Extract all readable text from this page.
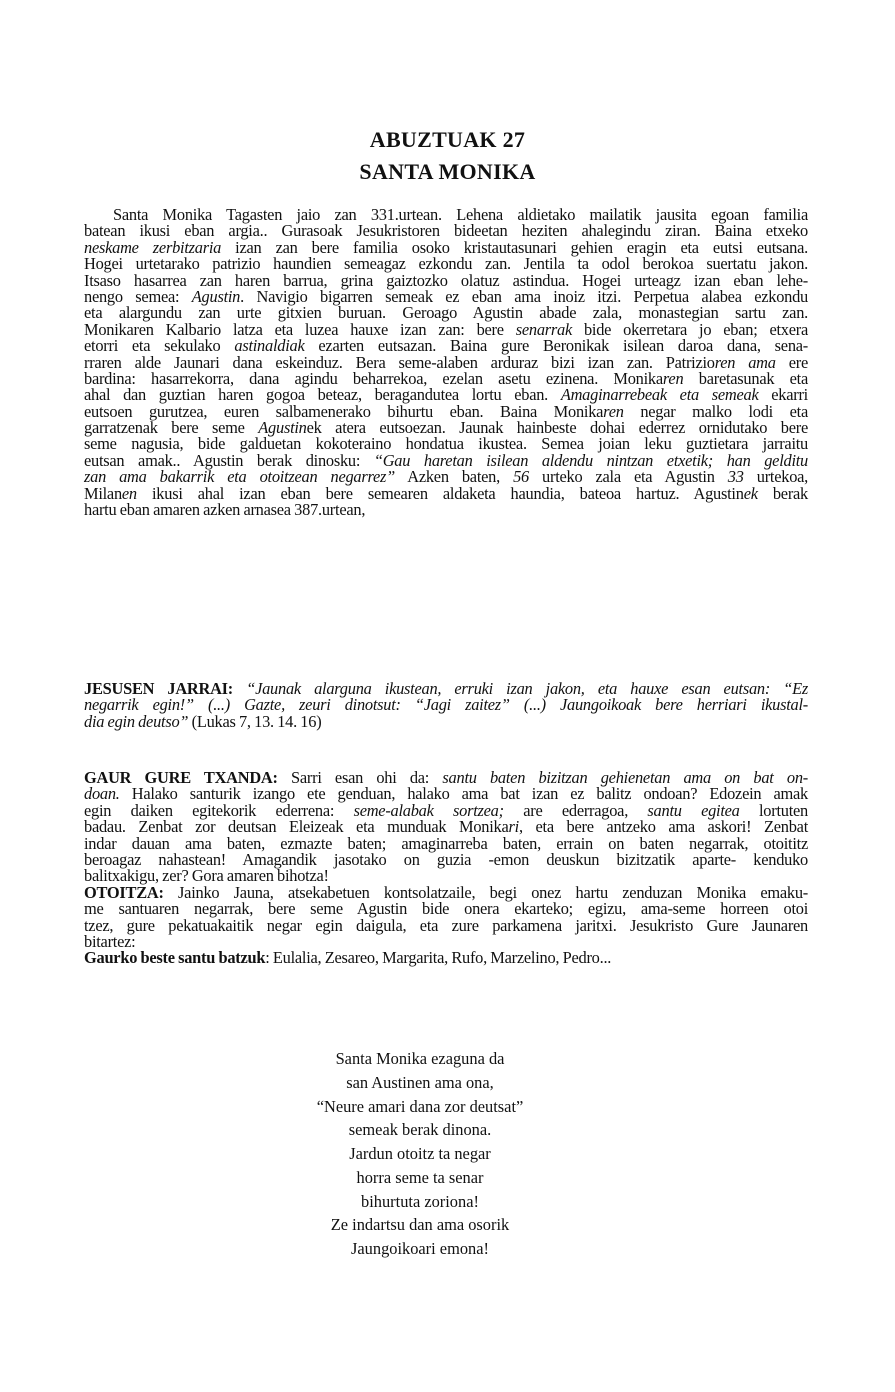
ABUZTUAK 27
SANTA MONIKA
Santa Monika Tagasten jaio zan 331.urtean. Lehena aldietako mailatik jausita egoan familia
batean ikusi eban argia.. Gurasoak Jesukristoren bideetan heziten ahalegindu ziran. Baina etxeko
neskame zerbitzaria izan zan bere familia osoko kristautasunari gehien eragin eta eutsi eutsana.
Hogei urtetarako patrizio haundien semeagaz ezkondu zan. Jentila ta odol berokoa suertatu jakon.
Itsaso hasarrea zan haren barrua, grina gaiztozko olatuz astindua. Hogei urteagz izan eban lehe-
nengo semea: Agustin. Navigio bigarren semeak ez eban ama inoiz itzi. Perpetua alabea ezkondu
eta alargundu zan urte gitxien buruan. Geroago Agustin abade zala, monastegian sartu zan.
Monikaren Kalbario latza eta luzea hauxe izan zan: bere senarrak bide okerretara jo eban; etxera
etorri eta sekulako astinaldiak ezarten eutsazan. Baina gure Beronikak isilean daroa dana, sena-
rraren alde Jaunari dana eskeinduz. Bera seme-alaben arduraz bizi izan zan. Patrizioren ama ere
bardina: hasarrekorra, dana agindu beharrekoa, ezelan asetu ezinena. Monikaren baretasunak eta
ahal dan guztian haren gogoa beteaz, beragandutea lortu eban. Amaginarrebeak eta semeak ekarri
eutsoen gurutzea, euren salbamenerako bihurtu eban. Baina Monikaren negar malko lodi eta
garratzenak bere seme Agustinek atera eutsoezan. Jaunak hainbeste dohai ederrez ornidutako bere
seme nagusia, bide galduetan kokoteraino hondatua ikustea. Semea joian leku guztietara jarraitu
eutsan amak.. Agustin berak dinosku: “Gau haretan isilean aldendu nintzan etxetik; han gelditu
zan ama bakarrik eta otoitzean negarrez” Azken baten, 56 urteko zala eta Agustin 33 urtekoa,
Milanen ikusi ahal izan eban bere semearen aldaketa haundia, bateoa hartuz. Agustinek berak
hartu eban amaren azken arnasea 387.urtean,
JESUSEN JARRAI: “Jaunak alarguna ikustean, erruki izan jakon, eta hauxe esan eutsan: “Ez
negarrik egin!” (...) Gazte, zeuri dinotsut: “Jagi zaitez” (...) Jaungoikoak bere herriari ikustal-
dia egin deutso” (Lukas 7, 13. 14. 16)
GAUR GURE TXANDA: Sarri esan ohi da: santu baten bizitzan gehienetan ama on bat on-
doan. Halako santurik izango ete genduan, halako ama bat izan ez balitz ondoan? Edozein amak
egin daiken egitekorik ederrena: seme-alabak sortzea; are ederragoa, santu egitea lortuten
badau. Zenbat zor deutsan Eleizeak eta munduak Monikari, eta bere antzeko ama askori! Zenbat
indar dauan ama baten, ezmazte baten; amaginarreba baten, errain on baten negarrak, otoititz
beroagaz nahastean! Amagandik jasotako on guzia -emon deuskun bizitzatik aparte- kenduko
balitxakigu, zer? Gora amaren bihotza!
OTOITZA: Jainko Jauna, atsekabetuen kontsolatzaile, begi onez hartu zenduzan Monika emaku-
me santuaren negarrak, bere seme Agustin bide onera ekarteko; egizu, ama-seme horreen otoi
tzez, gure pekatuakaitik negar egin daigula, eta zure parkamena jaritxi. Jesukristo Gure Jaunaren
bitartez:
Gaurko beste santu batzuk: Eulalia, Zesareo, Margarita, Rufo, Marzelino, Pedro...
Santa Monika ezaguna da
san Austinen ama ona,
“Neure amari dana zor deutsat”
semeak berak dinona.
Jardun otoitz ta negar
horra seme ta senar
bihurtuta zoriona!
Ze indartsu dan ama osorik
Jaungoikoari emona!
